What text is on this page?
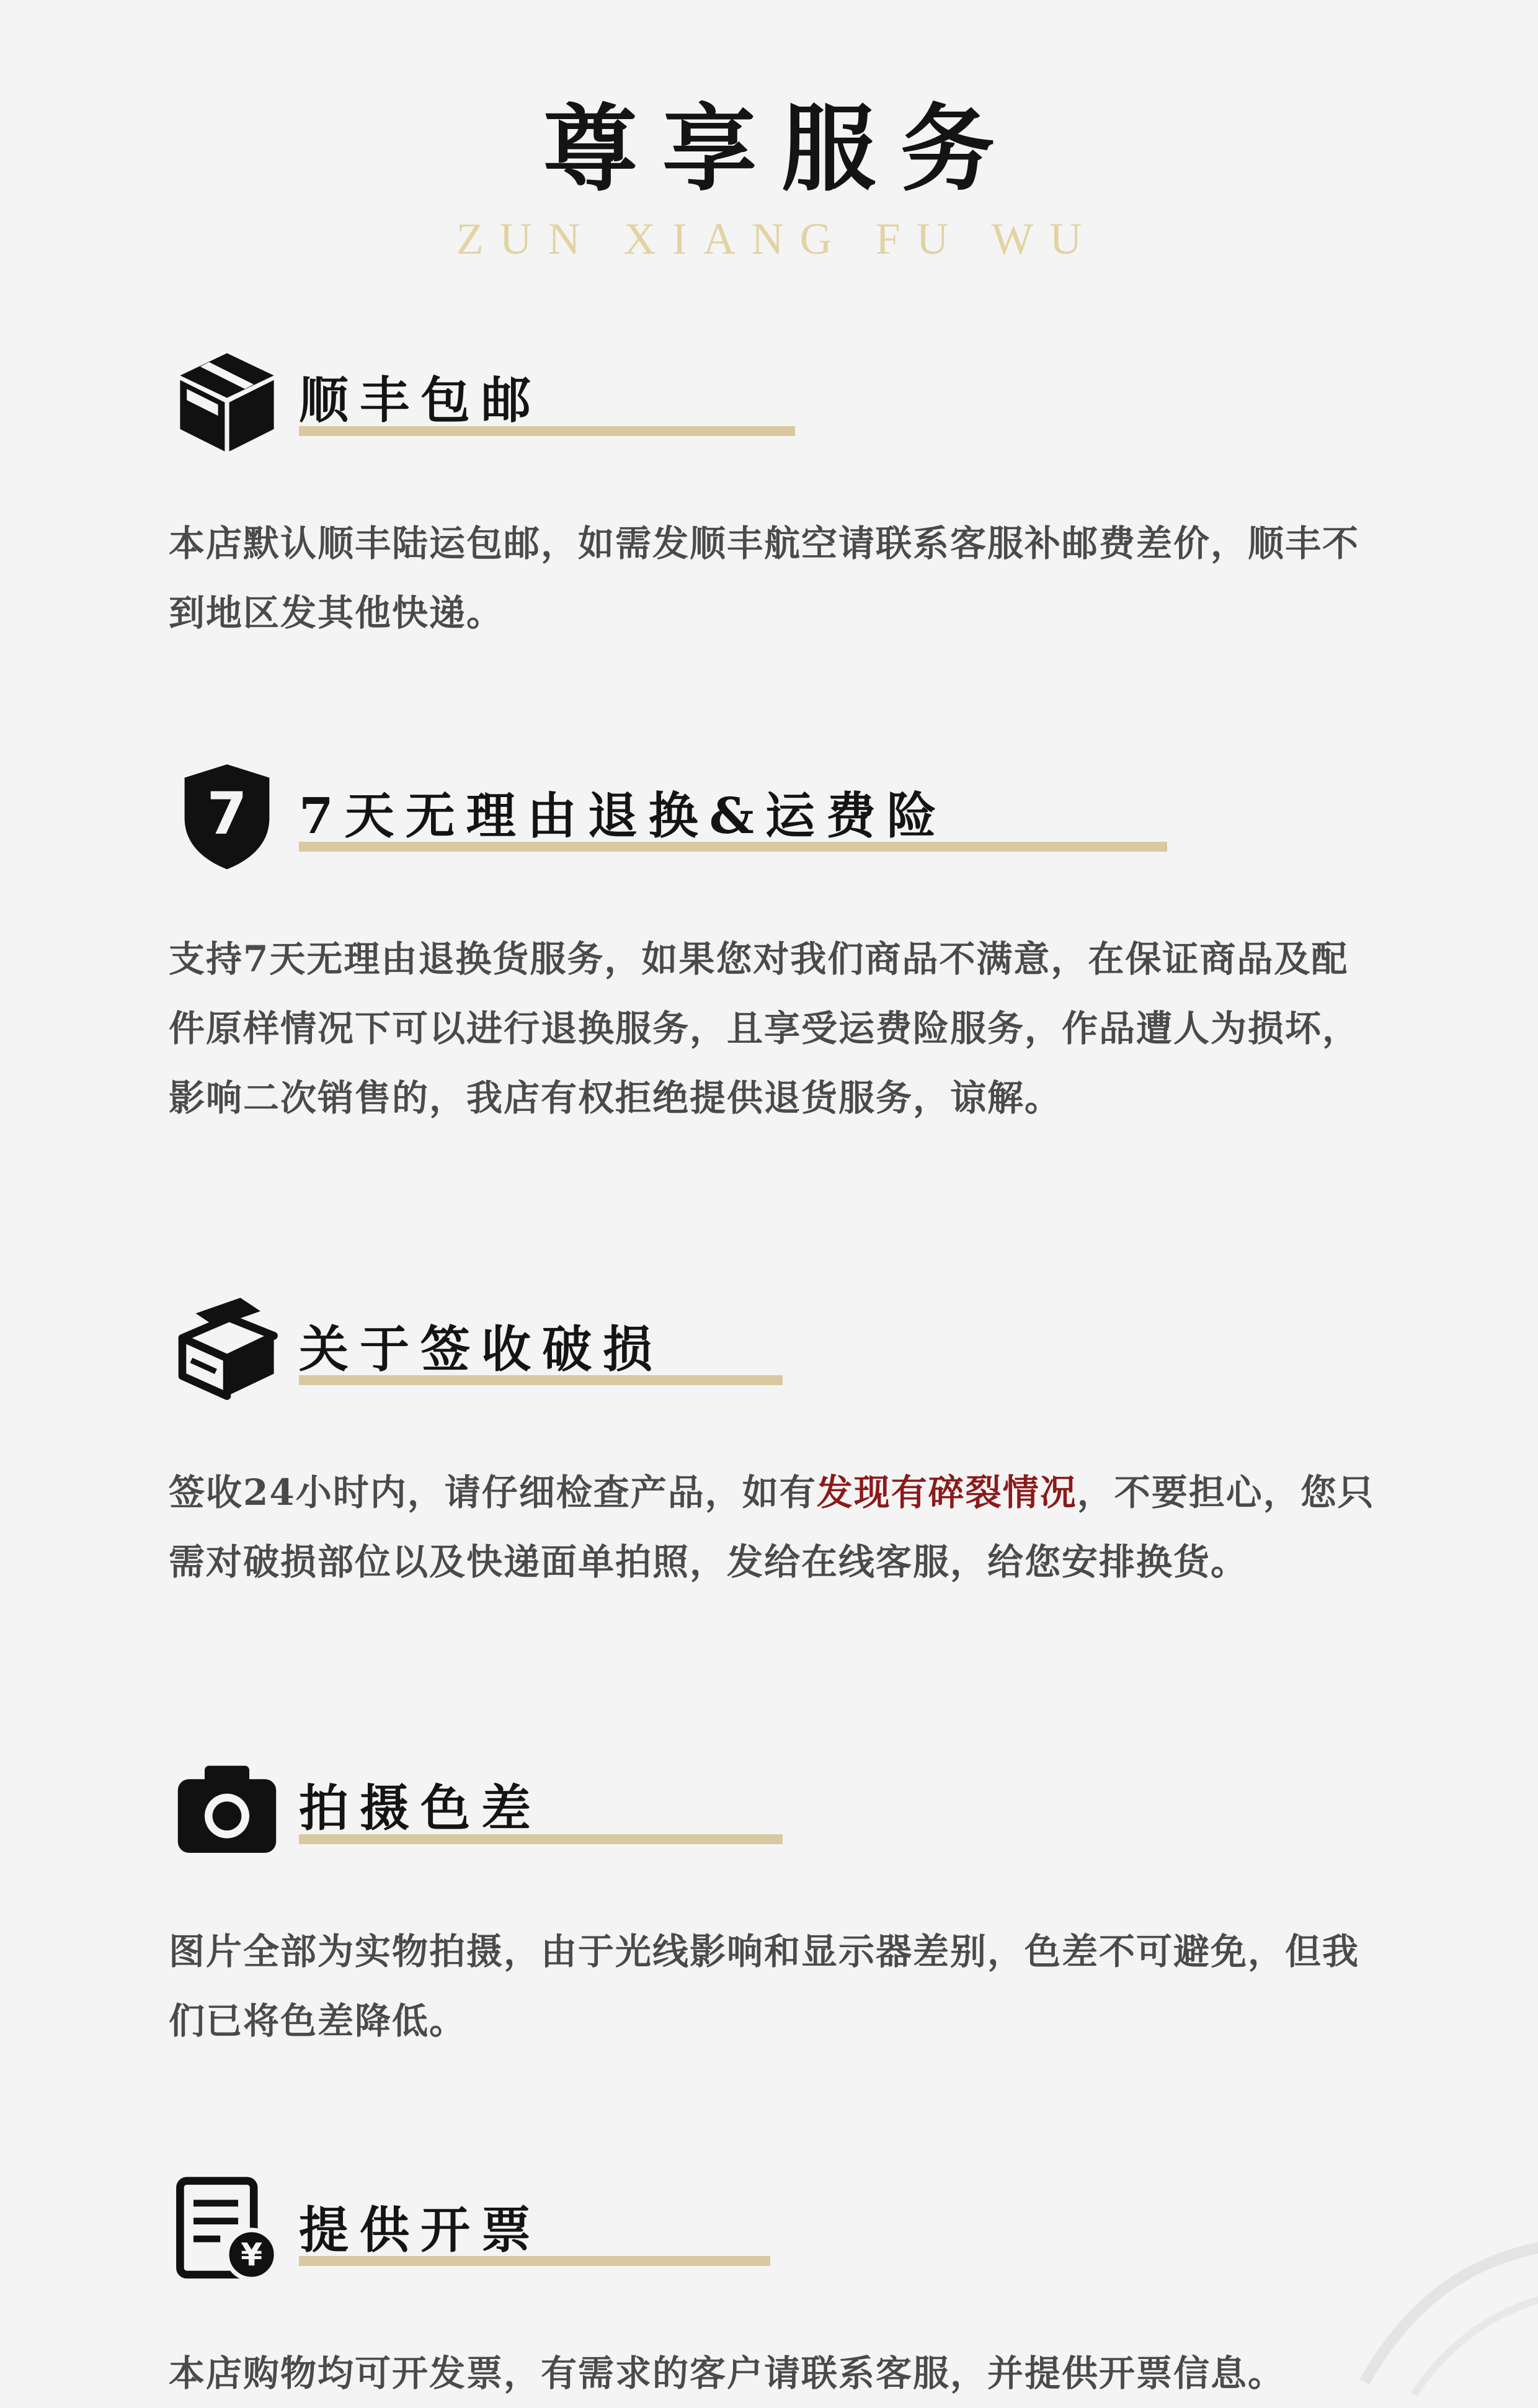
尊享服务
ZUN XIANG FU WU
顺丰包邮

本店默认顺丰陆运包邮，如需发顺丰航空请联系客服补邮费差价，顺丰不到地区发其他快递。

7 7天无理由退换&运费险

支持7天无理由退换货服务，如果您对我们商品不满意，在保证商品及配件原样情况下可以进行退换服务，且享受运费险服务，作品遭人为损坏，影响二次销售的，我店有权拒绝提供退货服务，谅解。

关于签收破损

签收24小时内，请仔细检查产品，如有发现有碎裂情况，不要担心，您只需对破损部位以及快递面单拍照，发给在线客服，给您安排换货。

拍摄色差

图片全部为实物拍摄，由于光线影响和显示器差别，色差不可避免，但我们已将色差降低。

¥ 提供开票

本店购物均可开发票，有需求的客户请联系客服，并提供开票信息。
